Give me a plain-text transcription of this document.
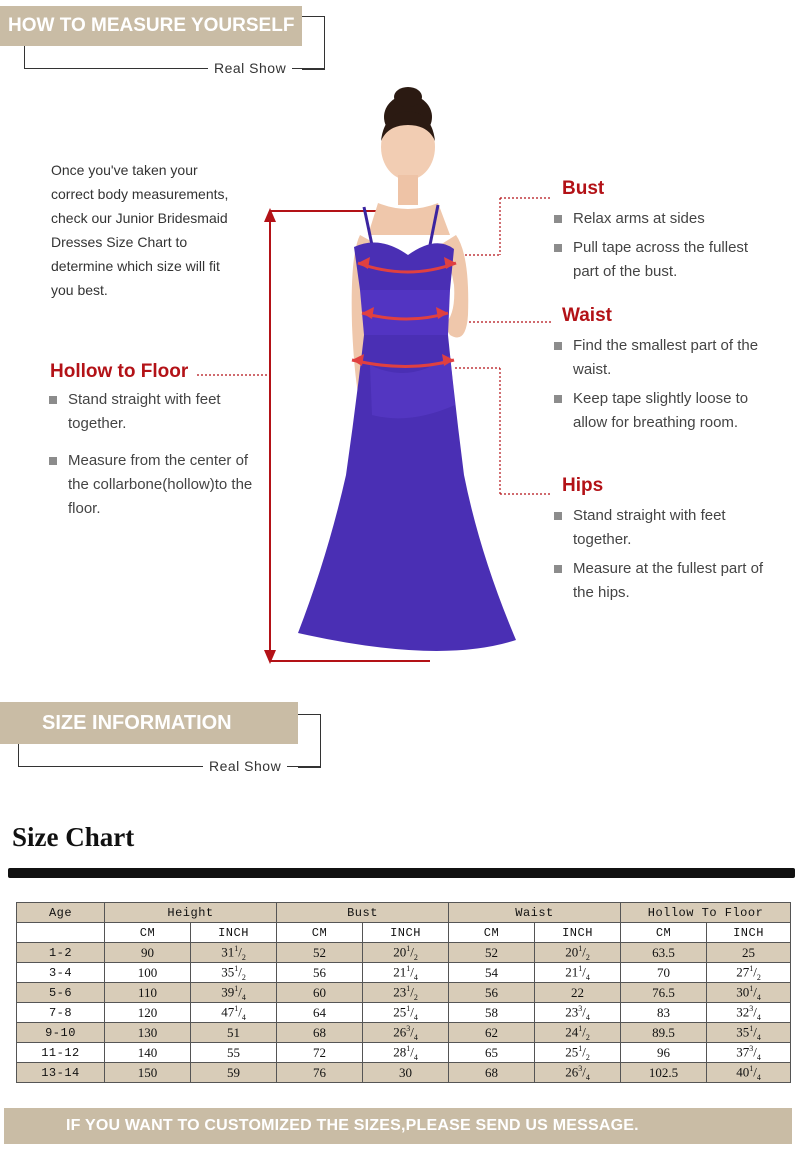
HOW TO MEASURE YOURSELF
Real Show
Once you've taken your
correct body measurements,
check our Junior Bridesmaid
Dresses Size Chart to
determine which size will fit
you best.
Hollow to Floor
Stand straight with feet together.
Measure from the center of the collarbone(hollow)to the floor.
Bust
Relax arms at sides
Pull tape across the fullest part of the bust.
Waist
Find the smallest part of the waist.
Keep tape slightly loose to allow for breathing room.
Hips
Stand straight with feet together.
Measure at the fullest part of the hips.
SIZE INFORMATION
Real Show
Size Chart
Age	Height		Bust		Waist		Hollow To Floor	
	CM	INCH	CM	INCH	CM	INCH	CM	INCH
1-2	90	$31^1/_2$	52	$20^1/_2$	52	$20^1/_2$	63.5	25
3-4	100	$35^1/_2$	56	$21^1/_4$	54	$21^1/_4$	70	$27^1/_2$
5-6	110	$39^1/_4$	60	$23^1/_2$	56	22	76.5	$30^1/_4$
7-8	120	$47^1/_4$	64	$25^1/_4$	58	$23^3/_4$	83	$32^3/_4$
9-10	130	51	68	$26^3/_4$	62	$24^1/_2$	89.5	$35^1/_4$
11-12	140	55	72	$28^1/_4$	65	$25^1/_2$	96	$37^3/_4$
13-14	150	59	76	30	68	$26^3/_4$	102.5	$40^1/_4$
IF YOU WANT TO CUSTOMIZED THE SIZES,PLEASE SEND US MESSAGE.
